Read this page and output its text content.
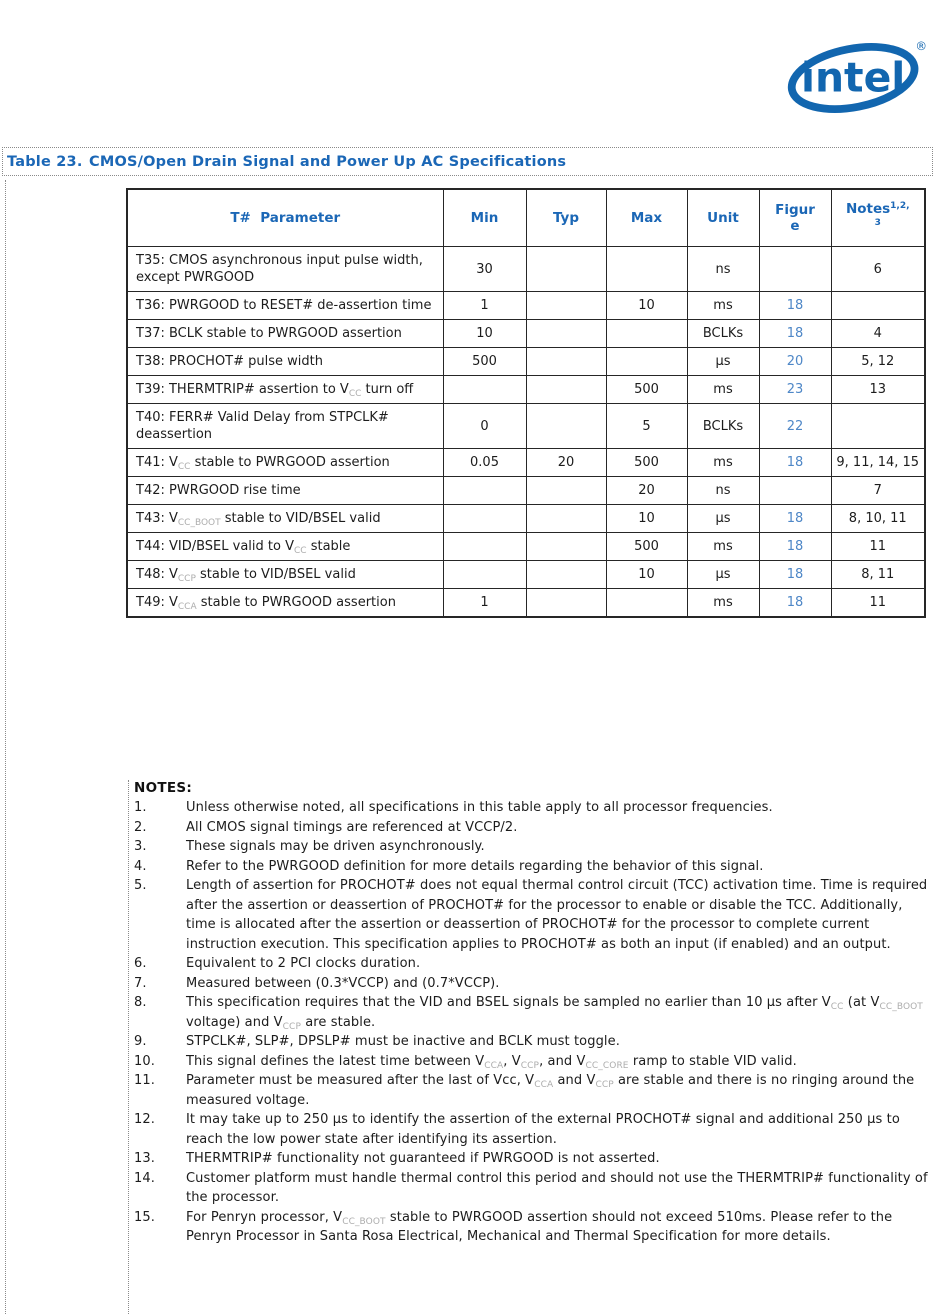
intel
®
Table 23. CMOS/Open Drain Signal and Power Up AC Specifications
T#  Parameter	Min	Typ	Max	Unit	Figure	Notes$^{1,2,}$
$^3$
T35: CMOS asynchronous input pulse width, except PWRGOOD	30			ns		6
T36: PWRGOOD to RESET# de-assertion time	1		10	ms	18	
T37: BCLK stable to PWRGOOD assertion	10			BCLKs	18	4
T38: PROCHOT# pulse width	500			µs	20	5, 12
T39: THERMTRIP# assertion to $V_{CC}$ turn off			500	ms	23	13
T40: FERR# Valid Delay from STPCLK# deassertion	0		5	BCLKs	22	
T41: $V_{CC}$ stable to PWRGOOD assertion	0.05	20	500	ms	18	9, 11, 14, 15
T42: PWRGOOD rise time			20	ns		7
T43: $V_{CC\_BOOT}$ stable to VID/BSEL valid			10	µs	18	8, 10, 11
T44: VID/BSEL valid to $V_{CC}$ stable			500	ms	18	11
T48: $V_{CCP}$ stable to VID/BSEL valid			10	µs	18	8, 11
T49: $V_{CCA}$ stable to PWRGOOD assertion	1			ms	18	11
NOTES:
1.	Unless otherwise noted, all specifications in this table apply to all processor frequencies.
2.	All CMOS signal timings are referenced at VCCP/2.
3.	These signals may be driven asynchronously.
4.	Refer to the PWRGOOD definition for more details regarding the behavior of this signal.
5.	Length of assertion for PROCHOT# does not equal thermal control circuit (TCC) activation time. Time is required after the assertion or deassertion of PROCHOT# for the processor to enable or disable the TCC. Additionally, time is allocated after the assertion or deassertion of PROCHOT# for the processor to complete current instruction execution. This specification applies to PROCHOT# as both an input (if enabled) and an output.
6.	Equivalent to 2 PCI clocks duration.
7.	Measured between (0.3*VCCP) and (0.7*VCCP).
8.	This specification requires that the VID and BSEL signals be sampled no earlier than 10 µs after $V_{CC}$ (at $V_{CC\_BOOT}$ voltage) and $V_{CCP}$ are stable.
9.	STPCLK#, SLP#, DPSLP# must be inactive and BCLK must toggle.
10.	This signal defines the latest time between $V_{CCA}$, $V_{CCP}$, and $V_{CC\_CORE}$ ramp to stable VID valid.
11.	Parameter must be measured after the last of Vcc, $V_{CCA}$ and $V_{CCP}$ are stable and there is no ringing around the measured voltage.
12.	It may take up to 250 µs to identify the assertion of the external PROCHOT# signal and additional 250 µs to reach the low power state after identifying its assertion.
13.	THERMTRIP# functionality not guaranteed if PWRGOOD is not asserted.
14.	Customer platform must handle thermal control this period and should not use the THERMTRIP# functionality of the processor.
15.	For Penryn processor, $V_{CC\_BOOT}$ stable to PWRGOOD assertion should not exceed 510ms. Please refer to the Penryn Processor in Santa Rosa Electrical, Mechanical and Thermal Specification for more details.
